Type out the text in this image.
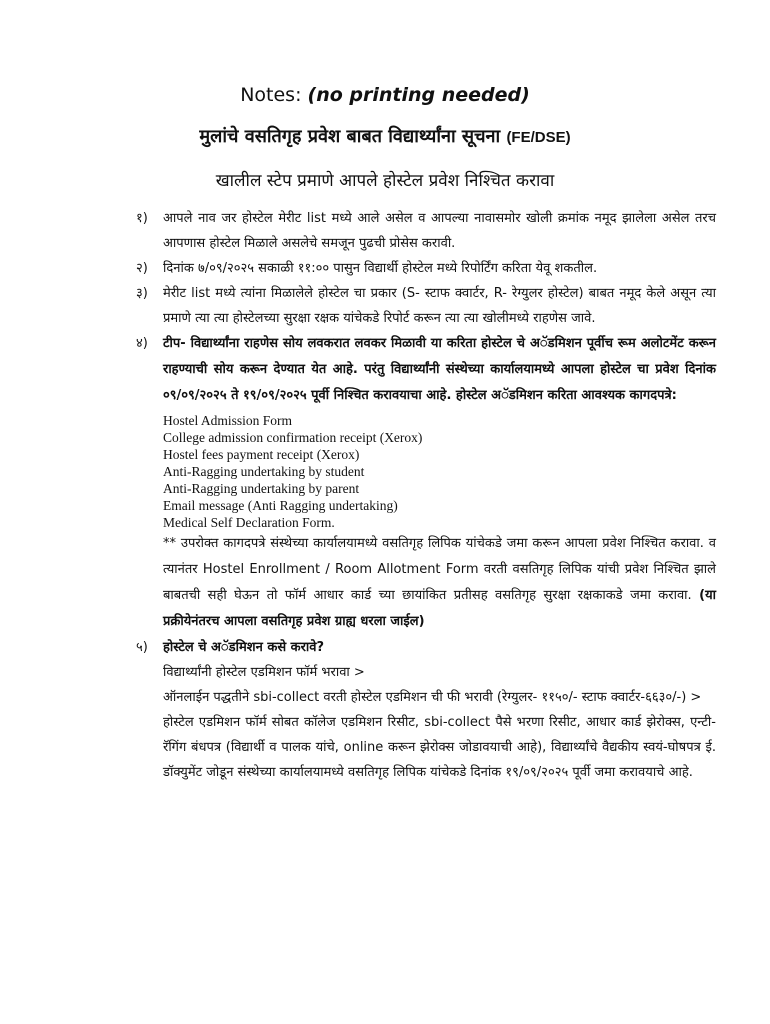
Notes: (no printing needed)
मुलांचे वसतिगृह प्रवेश बाबत विद्यार्थ्यांना सूचना (FE/DSE)
खालील स्टेप प्रमाणे आपले होस्टेल प्रवेश निश्चित करावा
१) आपले नाव जर होस्टेल मेरीट list मध्ये आले असेल व आपल्या नावासमोर खोली क्रमांक नमूद झालेला असेल तरच आपणास होस्टेल मिळाले असलेचे समजून पुढची प्रोसेस करावी.

२) दिनांक ७/०९/२०२५ सकाळी ११:०० पासुन विद्यार्थी होस्टेल मध्ये रिपोर्टिंग करिता येवू शकतील.

३) मेरीट list मध्ये त्यांना मिळालेले होस्टेल चा प्रकार (S- स्टाफ क्वार्टर, R- रेग्युलर होस्टेल) बाबत नमूद केले असून त्या प्रमाणे त्या त्या होस्टेलच्या सुरक्षा रक्षक यांचेकडे रिपोर्ट करून त्या त्या खोलीमध्ये राहणेस जावे.

४) टीप- विद्यार्थ्यांना राहणेस सोय लवकरात लवकर मिळावी या करिता होस्टेल चे अॅडमिशन पूर्वीच रूम अलोटमेंट करून राहण्याची सोय करून देण्यात येत आहे. परंतु विद्यार्थ्यांनी संस्थेच्या कार्यालयामध्ये आपला होस्टेल चा प्रवेश दिनांक ०९/०९/२०२५ ते १९/०९/२०२५ पूर्वी निश्चित करावयाचा आहे. होस्टेल अॅडमिशन करिता आवश्यक कागदपत्रे:

Hostel Admission Form
College admission confirmation receipt (Xerox)
Hostel fees payment receipt (Xerox)
Anti-Ragging undertaking by student
Anti-Ragging undertaking by parent
Email message (Anti Ragging undertaking)
Medical Self Declaration Form.

** उपरोक्त कागदपत्रे संस्थेच्या कार्यालयामध्ये वसतिगृह लिपिक यांचेकडे जमा करून आपला प्रवेश निश्चित करावा. व त्यानंतर Hostel Enrollment / Room Allotment Form वरती वसतिगृह लिपिक यांची प्रवेश निश्चित झाले बाबतची सही घेऊन तो फॉर्म आधार कार्ड च्या छायांकित प्रतीसह वसतिगृह सुरक्षा रक्षकाकडे जमा करावा. (या प्रक्रीयेनंतरच आपला वसतिगृह प्रवेश ग्राह्य धरला जाईल)

५) होस्टेल चे अॅडमिशन कसे करावे?

विद्यार्थ्यांनी होस्टेल एडमिशन फॉर्म भरावा >

ऑनलाईन पद्धतीने sbi-collect वरती होस्टेल एडमिशन ची फी भरावी (रेग्युलर- ११५०/- स्टाफ क्वार्टर-६६३०/-) >

होस्टेल एडमिशन फॉर्म सोबत कॉलेज एडमिशन रिसीट, sbi-collect पैसे भरणा रिसीट, आधार कार्ड झेरोक्स, एन्टी-रॅगिंग बंधपत्र (विद्यार्थी व पालक यांचे, online करून झेरोक्स जोडावयाची आहे), विद्यार्थ्यांचे वैद्यकीय स्वयं-घोषपत्र ई. डॉक्युमेंट जोडून संस्थेच्या कार्यालयामध्ये वसतिगृह लिपिक यांचेकडे दिनांक १९/०९/२०२५ पूर्वी जमा करावयाचे आहे.
